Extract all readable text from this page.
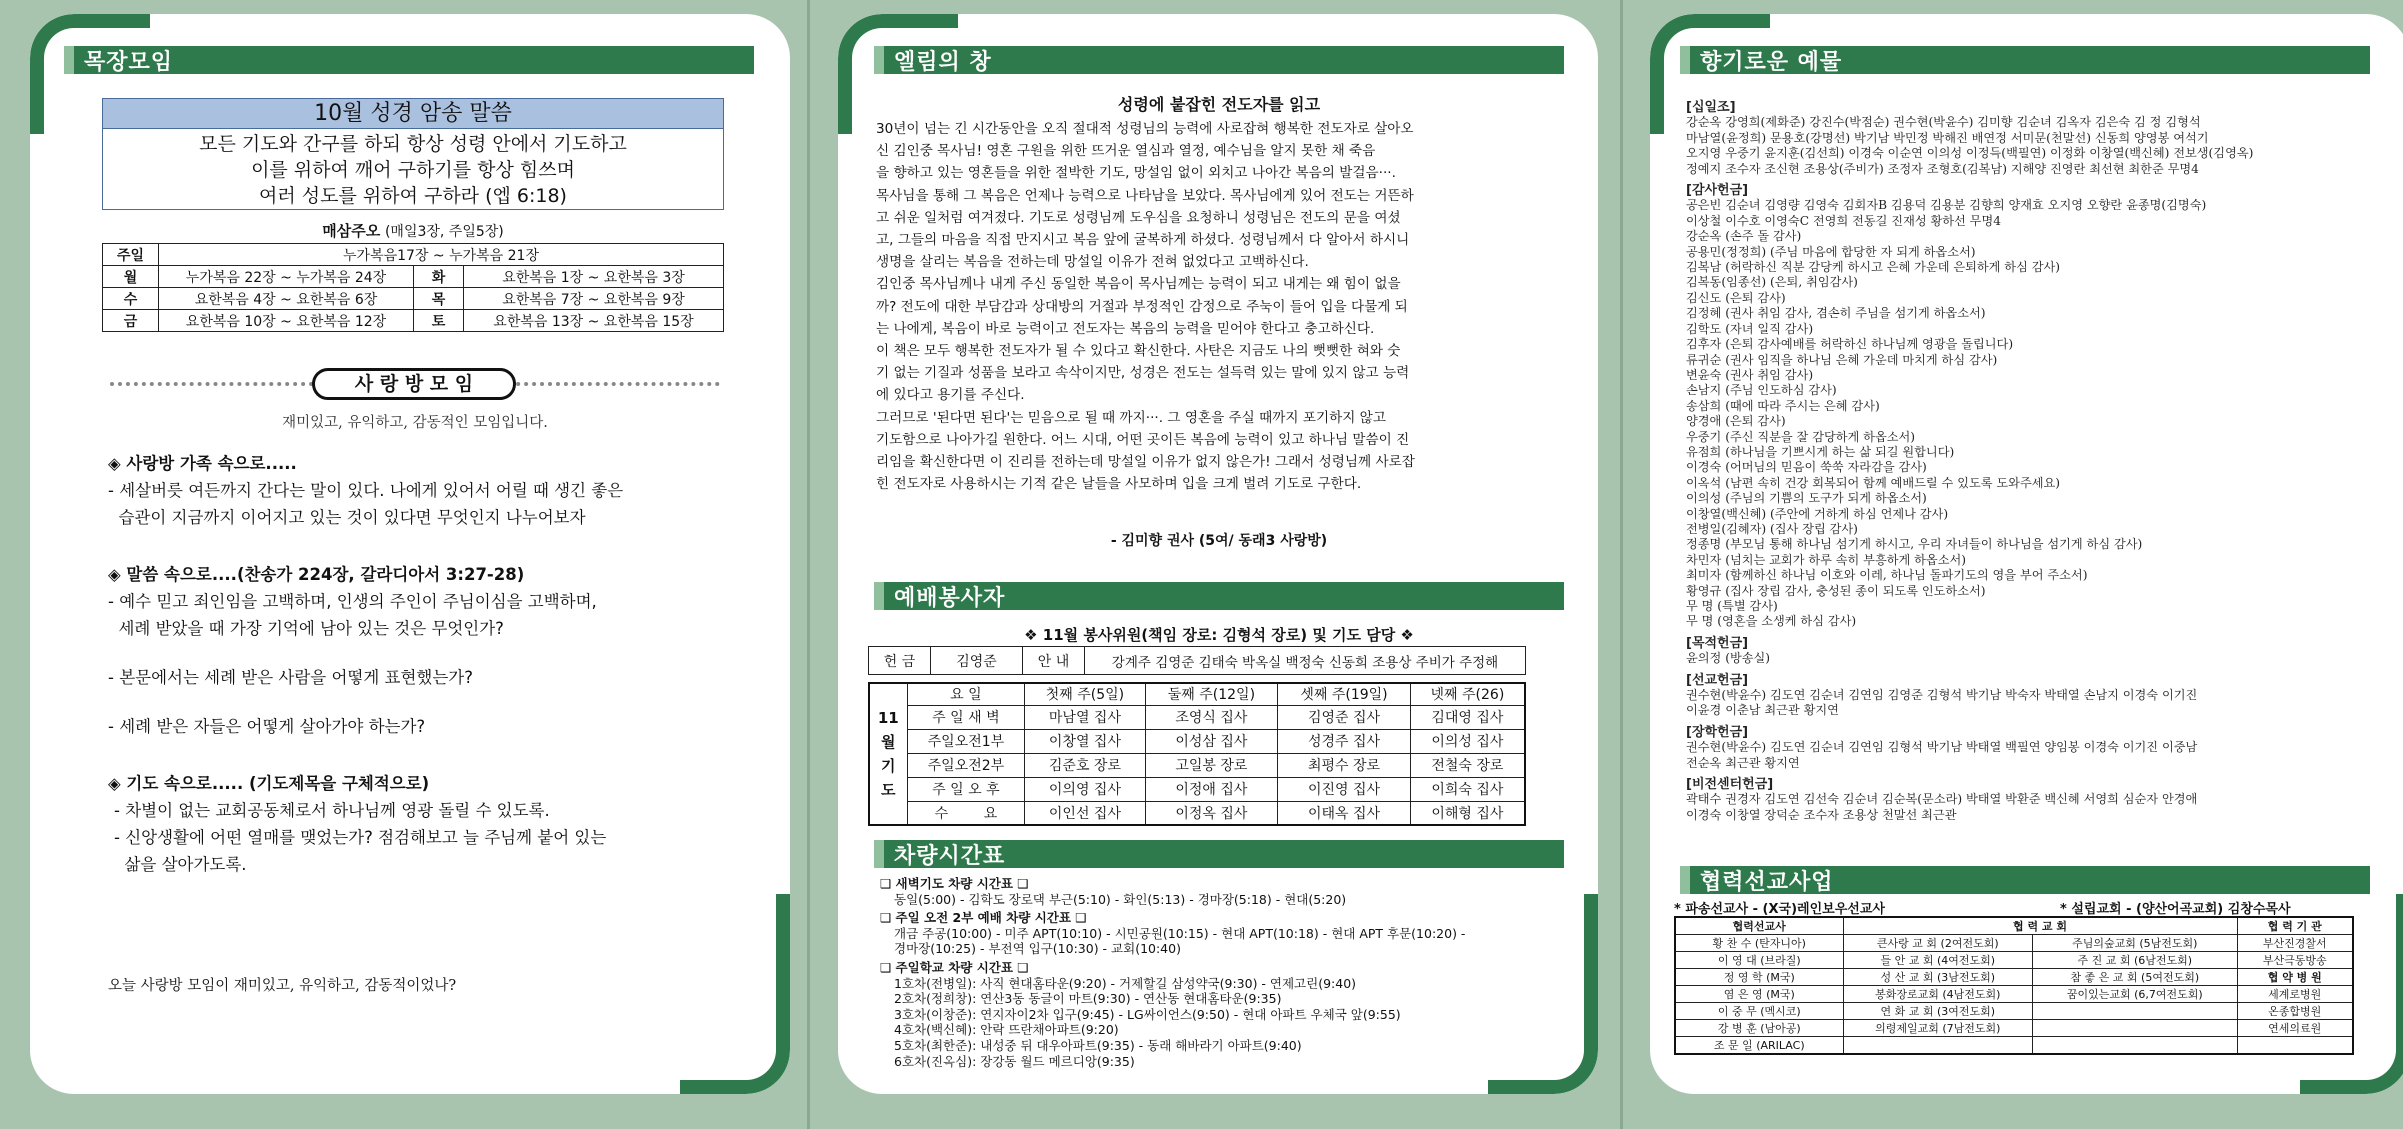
목장모임
10월 성경 암송 말씀
모든 기도와 간구를 하되 항상 성령 안에서 기도하고
이를 위하여 깨어 구하기를 항상 힘쓰며
여러 성도를 위하여 구하라 (엡 6:18)
매삼주오 (매일3장, 주일5장)
주일	누가복음17장 ~ 누가복음 21장		
월	누가복음 22장 ~ 누가복음 24장	화	요한복음 1장 ~ 요한복음 3장
수	요한복음 4장 ~ 요한복음 6장	목	요한복음 7장 ~ 요한복음 9장
금	요한복음 10장 ~ 요한복음 12장	토	요한복음 13장 ~ 요한복음 15장
사 랑 방 모 임
재미있고, 유익하고, 감동적인 모임입니다.
◈ 사랑방 가족 속으로.....
- 세살버릇 여든까지 간다는 말이 있다. 나에게 있어서 어릴 때 생긴 좋은
습관이 지금까지 이어지고 있는 것이 있다면 무엇인지 나누어보자
◈ 말씀 속으로....(찬송가 224장, 갈라디아서 3:27-28)
- 예수 믿고 죄인임을 고백하며, 인생의 주인이 주님이심을 고백하며,
세례 받았을 때 가장 기억에 남아 있는 것은 무엇인가?
- 본문에서는 세례 받은 사람을 어떻게 표현했는가?
- 세례 받은 자들은 어떻게 살아가야 하는가?
◈ 기도 속으로..... (기도제목을 구체적으로)
- 차별이 없는 교회공동체로서 하나님께 영광 돌릴 수 있도록.
- 신앙생활에 어떤 열매를 맺었는가? 점검해보고 늘 주님께 붙어 있는
삶을 살아가도록.
오늘 사랑방 모임이 재미있고, 유익하고, 감동적이었나?
엘림의 창
성령에 붙잡힌 전도자를 읽고
30년이 넘는 긴 시간동안을 오직 절대적 성령님의 능력에 사로잡혀 행복한 전도자로 살아오
신 김인중 목사님! 영혼 구원을 위한 뜨거운 열심과 열정, 예수님을 알지 못한 채 죽음
을 향하고 있는 영혼들을 위한 절박한 기도, 망설임 없이 외치고 나아간 복음의 발걸음···.
목사님을 통해 그 복음은 언제나 능력으로 나타남을 보았다. 목사님에게 있어 전도는 거뜬하
고 쉬운 일처럼 여겨졌다. 기도로 성령님께 도우심을 요청하니 성령님은 전도의 문을 여셨
고, 그들의 마음을 직접 만지시고 복음 앞에 굴복하게 하셨다. 성령님께서 다 알아서 하시니
생명을 살리는 복음을 전하는데 망설일 이유가 전혀 없었다고 고백하신다.
김인중 목사님께나 내게 주신 동일한 복음이 목사님께는 능력이 되고 내게는 왜 힘이 없을
까? 전도에 대한 부담감과 상대방의 거절과 부정적인 감정으로 주눅이 들어 입을 다물게 되
는 나에게, 복음이 바로 능력이고 전도자는 복음의 능력을 믿어야 한다고 충고하신다.
이 책은 모두 행복한 전도자가 될 수 있다고 확신한다. 사탄은 지금도 나의 뻣뻣한 혀와 숫
기 없는 기질과 성품을 보라고 속삭이지만, 성경은 전도는 설득력 있는 말에 있지 않고 능력
에 있다고 용기를 주신다.
그러므로 '된다면 된다'는 믿음으로 될 때 까지···. 그 영혼을 주실 때까지 포기하지 않고
기도함으로 나아가길 원한다. 어느 시대, 어떤 곳이든 복음에 능력이 있고 하나님 말씀이 진
리임을 확신한다면 이 진리를 전하는데 망설일 이유가 없지 않은가! 그래서 성령님께 사로잡
힌 전도자로 사용하시는 기적 같은 날들을 사모하며 입을 크게 벌려 기도로 구한다.
- 김미향 권사 (5여/ 동래3 사랑방)
예배봉사자
❖ 11월 봉사위원(책임 장로: 김형석 장로) 및 기도 담당 ❖
헌 금	김영준	안 내	강계주 김영준 김태숙 박옥실 백정숙 신동희 조용상 주비가 주정해
11
월
기
도	요 일	첫째 주(5일)	둘째 주(12일)	셋째 주(19일)	넷째 주(26)
	주 일 새 벽	마남열 집사	조영식 집사	김영준 집사	김대영 집사
	주일오전1부	이창열 집사	이성삼 집사	성경주 집사	이의성 집사
	주일오전2부	김준호 장로	고일봉 장로	최평수 장로	전철숙 장로
	주 일 오 후	이의영 집사	이정애 집사	이진영 집사	이희숙 집사
	수        요	이인선 집사	이정옥 집사	이태옥 집사	이해형 집사
차량시간표
❑ 새벽기도 차량 시간표 ❑
동일(5:00) - 김학도 장로댁 부근(5:10) - 화인(5:13) - 경마장(5:18) - 현대(5:20)
❑ 주일 오전 2부 예배 차량 시간표 ❑
개금 주공(10:00) - 미주 APT(10:10) - 시민공원(10:15) - 현대 APT(10:18) - 현대 APT 후문(10:20) -
경마장(10:25) - 부전역 입구(10:30) - 교회(10:40)
❑ 주일학교 차량 시간표 ❑
1호차(전병일): 사직 현대홈타운(9:20) - 거제할길 삼성약국(9:30) - 연제고린(9:40)
2호차(정희창): 연산3동 동글이 마트(9:30) - 연산동 현대홈타운(9:35)
3호차(이창준): 연지자이2차 입구(9:45) - LG싸이언스(9:50) - 현대 아파트 우체국 앞(9:55)
4호차(백신혜): 안락 뜨란채아파트(9:20)
5호차(최한준): 내성중 뒤 대우아파트(9:35) - 동래 해바라기 아파트(9:40)
6호차(진옥심): 장강동 월드 메르디앙(9:35)
향기로운 예물
[십일조]
강순옥 강영희(제화준) 강진수(박점순) 권수현(박윤수) 김미향 김순녀 김옥자 김은숙 김 정 김형석
마남열(윤정희) 문용호(강명선) 박기남 박민정 박해진 배연정 서미문(천말선) 신동희 양영봉 여석기
오지영 우중기 윤지훈(김선희) 이경숙 이순연 이의성 이정득(백필연) 이정화 이창열(백신혜) 전보생(김영옥)
정예지 조수자 조신현 조용상(주비가) 조정자 조형호(김복남) 지해양 진영란 최선현 최한준 무명4
[감사헌금]
공은빈 김순녀 김영량 김영숙 김회자B 김용덕 김용분 김향희 양재효 오지영 오향란 윤종명(김명숙)
이상철 이수호 이영숙C 전영희 전동길 진재성 황하선 무명4
강순옥 (손주 돌 감사)
공용민(정정희) (주님 마음에 합당한 자 되게 하옵소서)
김복남 (허락하신 직분 감당케 하시고 은혜 가운데 은퇴하게 하심 감사)
김복동(임종선) (은퇴, 취임감사)
김신도 (은퇴 감사)
김정혜 (권사 취임 감사, 겸손히 주님을 섬기게 하옵소서)
김학도 (자녀 일직 감사)
김후자 (은퇴 감사예배를 허락하신 하나님께 영광을 돌립니다)
류귀순 (권사 임직을 하나님 은혜 가운데 마치게 하심 감사)
변윤숙 (권사 취임 감사)
손남지 (주님 인도하심 감사)
송삼희 (때에 따라 주시는 은혜 감사)
양경애 (은퇴 감사)
우중기 (주신 직분을 잘 감당하게 하옵소서)
유점희 (하나님을 기쁘시게 하는 삶 되길 원합니다)
이경숙 (어머님의 믿음이 쑥쑥 자라감을 감사)
이옥석 (남편 속히 건강 회복되어 함께 예배드릴 수 있도록 도와주세요)
이의성 (주님의 기쁨의 도구가 되게 하옵소서)
이창열(백신혜) (주안에 거하게 하심 언제나 감사)
전병일(김혜자) (집사 장립 감사)
정종명 (부모님 통해 하나님 섬기게 하시고, 우리 자녀들이 하나님을 섬기게 하심 감사)
차민자 (넘치는 교회가 하루 속히 부흥하게 하옵소서)
최미자 (함께하신 하나님 이호와 이레, 하나님 돌파기도의 영을 부어 주소서)
황영규 (집사 장립 감사, 충성된 종이 되도록 인도하소서)
무 명 (특별 감사)
무 명 (영혼을 소생케 하심 감사)
[목적헌금]
윤의정 (방송실)
[선교헌금]
권수현(박윤수) 김도연 김순녀 김연임 김영준 김형석 박기남 박숙자 박태열 손남지 이경숙 이기진
이윤경 이춘남 최근관 황지연
[장학헌금]
권수현(박윤수) 김도연 김순녀 김연임 김형석 박기남 박태열 백필연 양임봉 이경숙 이기진 이중남
전순옥 최근관 황지연
[비전센터헌금]
곽태수 권경자 김도연 김선숙 김순녀 김순복(문소라) 박태열 박환준 백신혜 서영희 심순자 안경애
이경숙 이창열 장덕순 조수자 조용상 천말선 최근관
협력선교사업
* 파송선교사 - (X국)레인보우선교사	* 설립교회 - (양산어곡교회) 김창수목사
협력선교사	협 력 교 회		협 력 기 관
황 찬 수 (탄자니아)	큰사랑 교 회 (2여전도회)	주님의숲교회 (5남전도회)	부산진경찰서
이 영 대 (브라질)	들 안 교 회 (4여전도회)	주 진 교 회 (6남전도회)	부산극동방송
정 영 학 (M국)	성 산 교 회 (3남전도회)	참 좋 은 교 회 (5여전도회)	협 약 병 원
염 은 영 (M국)	봉화장로교회 (4남전도회)	꿈이있는교회 (6,7여전도회)	세계로병원
이 중 무 (멕시코)	연 화 교 회 (3여전도회)		온종합병원
강 병 훈 (남아공)	의령제일교회 (7남전도회)		연세의료원
조 문 일 (ARILAC)			
